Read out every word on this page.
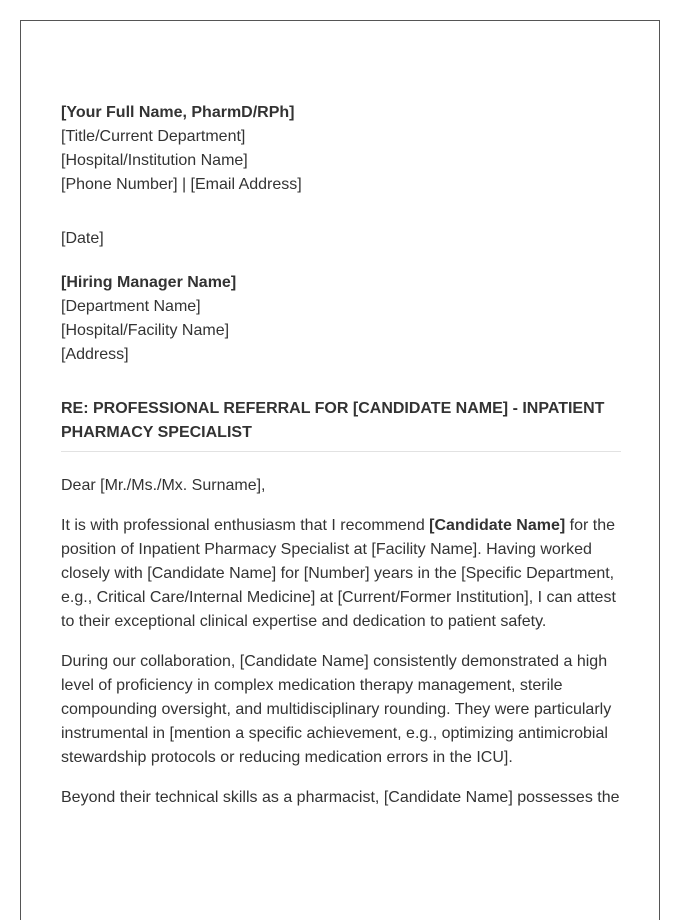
[Your Full Name, PharmD/RPh]
[Title/Current Department]
[Hospital/Institution Name]
[Phone Number] | [Email Address]
[Date]
[Hiring Manager Name]
[Department Name]
[Hospital/Facility Name]
[Address]
RE: PROFESSIONAL REFERRAL FOR [CANDIDATE NAME] - INPATIENT
PHARMACY SPECIALIST
Dear [Mr./Ms./Mx. Surname],

It is with professional enthusiasm that I recommend [Candidate Name] for the position of Inpatient Pharmacy Specialist at [Facility Name]. Having worked closely with [Candidate Name] for [Number] years in the [Specific Department, e.g., Critical Care/Internal Medicine] at [Current/Former Institution], I can attest to their exceptional clinical expertise and dedication to patient safety.

During our collaboration, [Candidate Name] consistently demonstrated a high level of proficiency in complex medication therapy management, sterile compounding oversight, and multidisciplinary rounding. They were particularly instrumental in [mention a specific achievement, e.g., optimizing antimicrobial stewardship protocols or reducing medication errors in the ICU].

Beyond their technical skills as a pharmacist, [Candidate Name] possesses the
